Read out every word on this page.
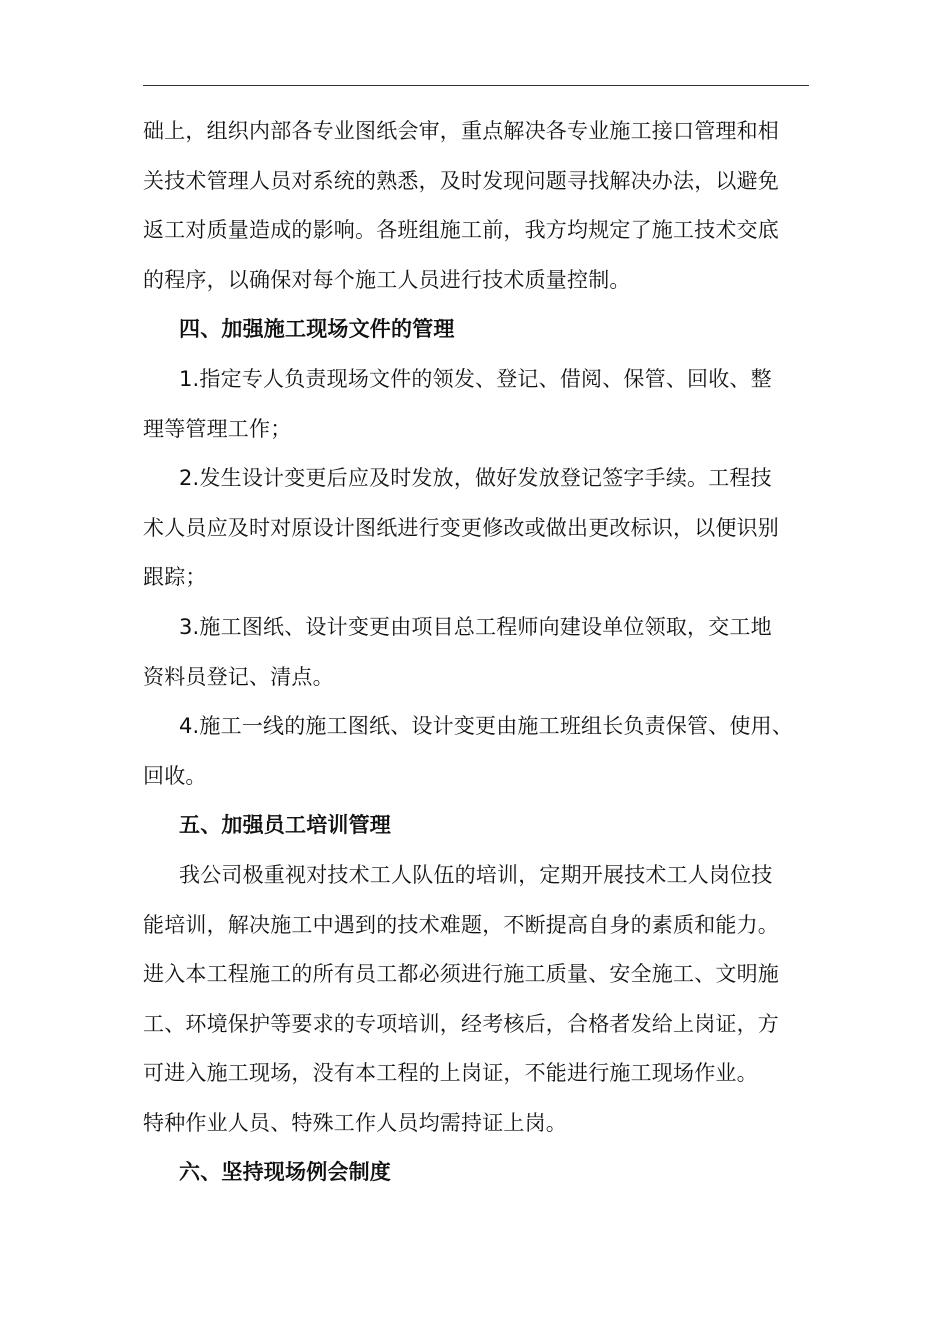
础上，组织内部各专业图纸会审，重点解决各专业施工接口管理和相
关技术管理人员对系统的熟悉，及时发现问题寻找解决办法，以避免
返工对质量造成的影响。各班组施工前，我方均规定了施工技术交底
的程序，以确保对每个施工人员进行技术质量控制。
四、加强施工现场文件的管理
1.指定专人负责现场文件的领发、登记、借阅、保管、回收、整
理等管理工作；
2.发生设计变更后应及时发放，做好发放登记签字手续。工程技
术人员应及时对原设计图纸进行变更修改或做出更改标识，以便识别
跟踪；
3.施工图纸、设计变更由项目总工程师向建设单位领取，交工地
资料员登记、清点。
4.施工一线的施工图纸、设计变更由施工班组长负责保管、使用、
回收。
五、加强员工培训管理
我公司极重视对技术工人队伍的培训，定期开展技术工人岗位技
能培训，解决施工中遇到的技术难题，不断提高自身的素质和能力。
进入本工程施工的所有员工都必须进行施工质量、安全施工、文明施
工、环境保护等要求的专项培训，经考核后，合格者发给上岗证，方
可进入施工现场，没有本工程的上岗证，不能进行施工现场作业。
特种作业人员、特殊工作人员均需持证上岗。
六、坚持现场例会制度
